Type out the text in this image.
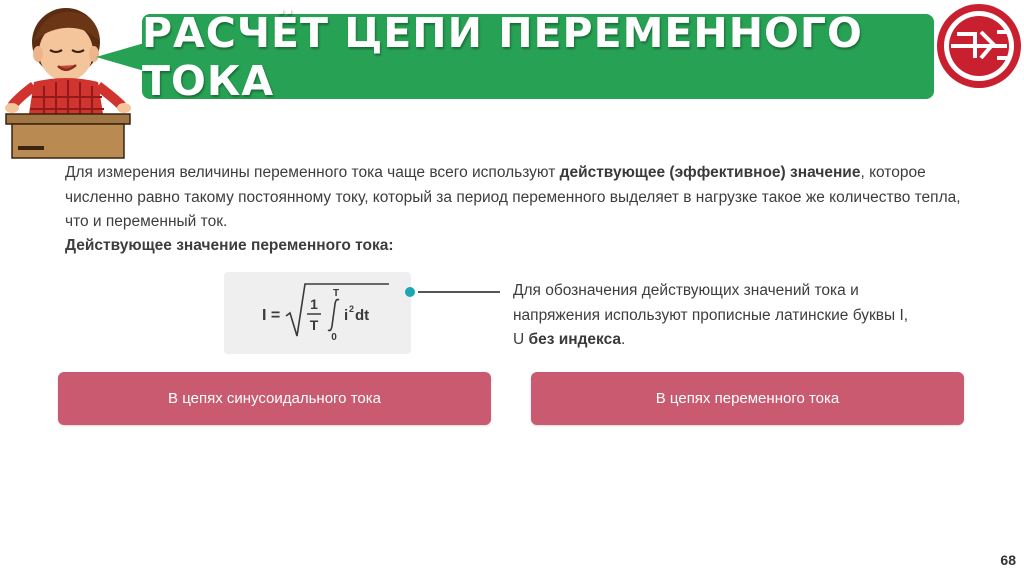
РАСЧЁТ ЦЕПИ ПЕРЕМЕННОГО ТОКА
Для измерения величины переменного тока чаще всего используют действующее (эффективное) значение, которое численно равно такому постоянному току, который за период переменного выделяет в нагрузке такое же количество тепла, что и переменный ток.
Действующее значение переменного тока:
I =
1
T
T
0
i 2 dt
Для обозначения действующих значений тока и напряжения используют прописные латинские буквы I, U без индекса.
В цепях синусоидального тока	В цепях переменного тока
68
